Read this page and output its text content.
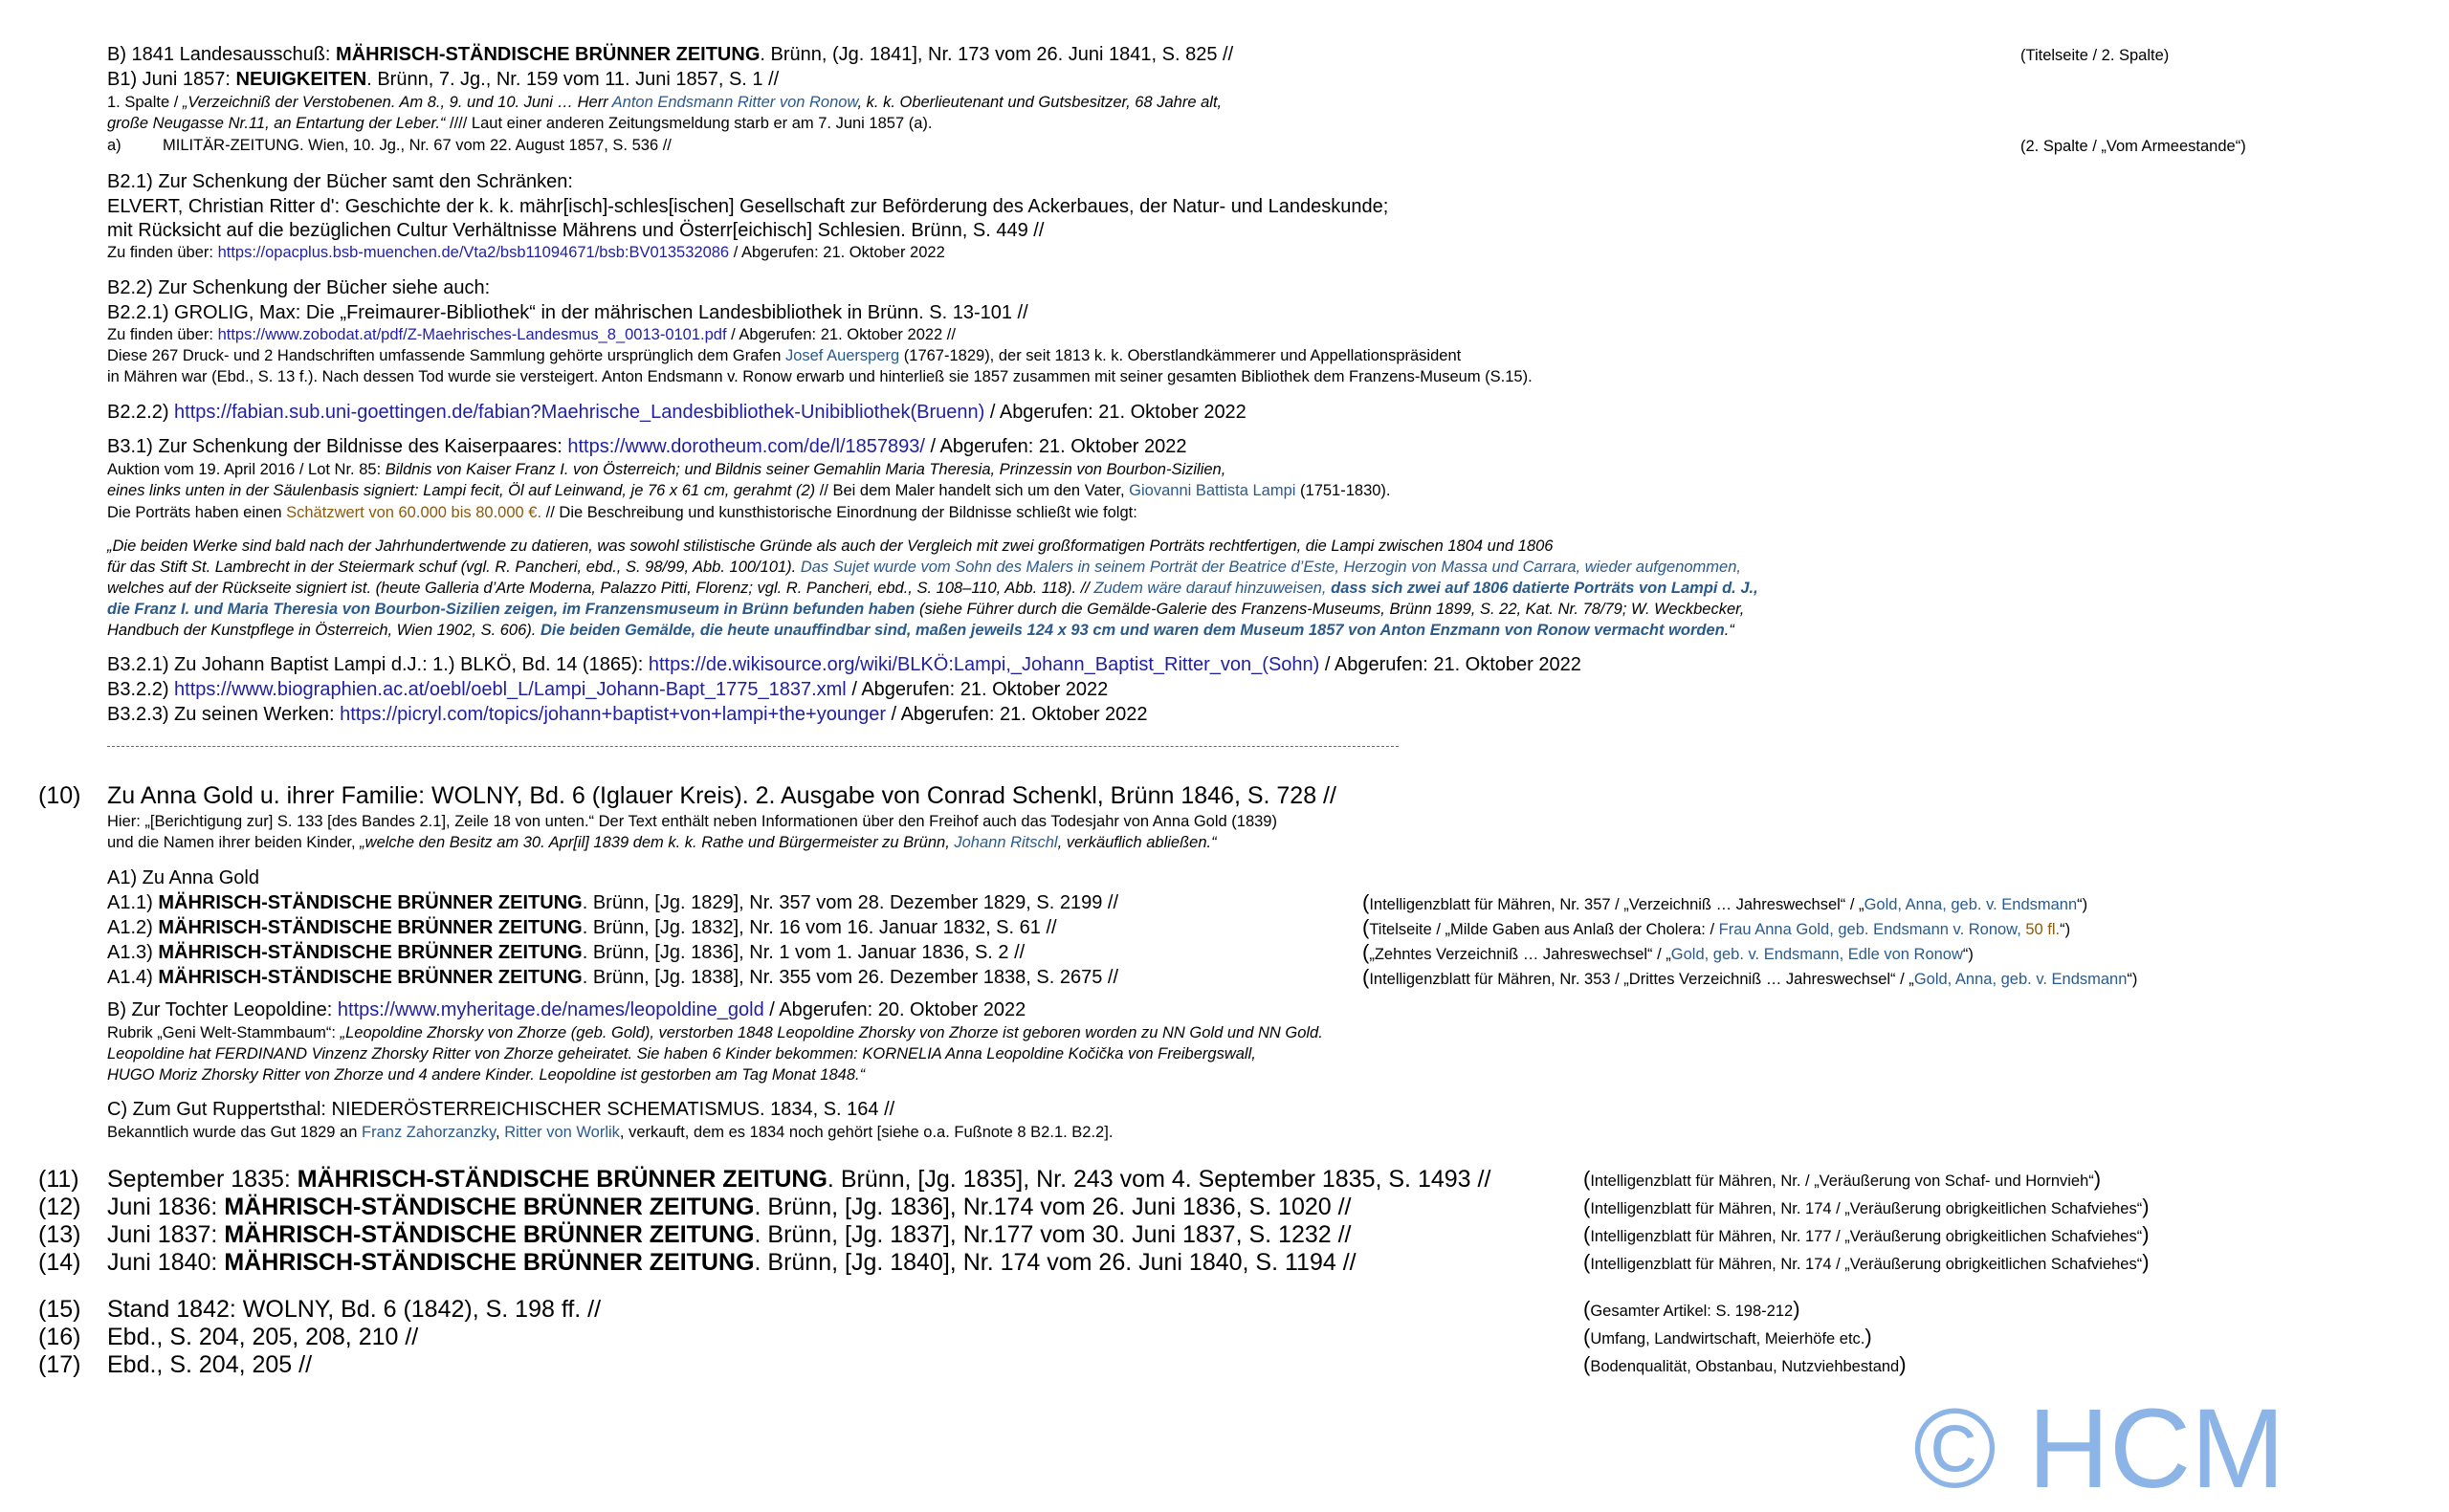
B) 1841 Landesausschuß: MÄHRISCH-STÄNDISCHE BRÜNNER ZEITUNG. Brünn, (Jg. 1841], Nr. 173 vom 26. Juni 1841, S. 825 //	(Titelseite / 2. Spalte)
B1) Juni 1857: NEUIGKEITEN. Brünn, 7. Jg., Nr. 159 vom 11. Juni 1857, S. 1 //
1. Spalte / „Verzeichniß der Verstobenen. Am 8., 9. und 10. Juni … Herr Anton Endsmann Ritter von Ronow, k. k. Oberlieutenant und Gutsbesitzer, 68 Jahre alt,
große Neugasse Nr.11, an Entartung der Leber.“ //// Laut einer anderen Zeitungsmeldung starb er am 7. Juni 1857 (a).
a)	MILITÄR-ZEITUNG. Wien, 10. Jg., Nr. 67 vom 22. August 1857, S. 536 //	(2. Spalte / „Vom Armeestande“)
B2.1) Zur Schenkung der Bücher samt den Schränken:
ELVERT, Christian Ritter d': Geschichte der k. k. mähr[isch]-schles[ischen] Gesellschaft zur Beförderung des Ackerbaues, der Natur- und Landeskunde;
mit Rücksicht auf die bezüglichen Cultur Verhältnisse Mährens und Österr[eichisch] Schlesien. Brünn, S. 449 //
Zu finden über: https://opacplus.bsb-muenchen.de/Vta2/bsb11094671/bsb:BV013532086 / Abgerufen: 21. Oktober 2022
B2.2) Zur Schenkung der Bücher siehe auch:
B2.2.1) GROLIG, Max: Die „Freimaurer-Bibliothek“ in der mährischen Landesbibliothek in Brünn. S. 13-101 //
Zu finden über: https://www.zobodat.at/pdf/Z-Maehrisches-Landesmus_8_0013-0101.pdf / Abgerufen: 21. Oktober 2022 //
Diese 267 Druck- und 2 Handschriften umfassende Sammlung gehörte ursprünglich dem Grafen Josef Auersperg (1767-1829), der seit 1813 k. k. Oberstlandkämmerer und Appellationspräsident
in Mähren war (Ebd., S. 13 f.). Nach dessen Tod wurde sie versteigert. Anton Endsmann v. Ronow erwarb und hinterließ sie 1857 zusammen mit seiner gesamten Bibliothek dem Franzens-Museum (S.15).
B2.2.2) https://fabian.sub.uni-goettingen.de/fabian?Maehrische_Landesbibliothek-Unibibliothek(Bruenn) / Abgerufen: 21. Oktober 2022
B3.1) Zur Schenkung der Bildnisse des Kaiserpaares: https://www.dorotheum.com/de/l/1857893/ / Abgerufen: 21. Oktober 2022
Auktion vom 19. April 2016 / Lot Nr. 85: Bildnis von Kaiser Franz I. von Österreich; und Bildnis seiner Gemahlin Maria Theresia, Prinzessin von Bourbon-Sizilien,
eines links unten in der Säulenbasis signiert: Lampi fecit, Öl auf Leinwand, je 76 x 61 cm, gerahmt (2) // Bei dem Maler handelt sich um den Vater, Giovanni Battista Lampi (1751-1830).
Die Porträts haben einen Schätzwert von 60.000 bis 80.000 €. // Die Beschreibung und kunsthistorische Einordnung der Bildnisse schließt wie folgt:
„Die beiden Werke sind bald nach der Jahrhundertwende zu datieren, was sowohl stilistische Gründe als auch der Vergleich mit zwei großformatigen Porträts rechtfertigen, die Lampi zwischen 1804 und 1806
für das Stift St. Lambrecht in der Steiermark schuf (vgl. R. Pancheri, ebd., S. 98/99, Abb. 100/101). Das Sujet wurde vom Sohn des Malers in seinem Porträt der Beatrice d’Este, Herzogin von Massa und Carrara, wieder aufgenommen,
welches auf der Rückseite signiert ist. (heute Galleria d’Arte Moderna, Palazzo Pitti, Florenz; vgl. R. Pancheri, ebd., S. 108–110, Abb. 118). // Zudem wäre darauf hinzuweisen, dass sich zwei auf 1806 datierte Porträts von Lampi d. J.,
die Franz I. und Maria Theresia von Bourbon-Sizilien zeigen, im Franzensmuseum in Brünn befunden haben (siehe Führer durch die Gemälde-Galerie des Franzens-Museums, Brünn 1899, S. 22, Kat. Nr. 78/79; W. Weckbecker,
Handbuch der Kunstpflege in Österreich, Wien 1902, S. 606). Die beiden Gemälde, die heute unauffindbar sind, maßen jeweils 124 x 93 cm und waren dem Museum 1857 von Anton Enzmann von Ronow vermacht worden.“
B3.2.1) Zu Johann Baptist Lampi d.J.: 1.) BLKÖ, Bd. 14 (1865): https://de.wikisource.org/wiki/BLKÖ:Lampi,_Johann_Baptist_Ritter_von_(Sohn) / Abgerufen: 21. Oktober 2022
B3.2.2) https://www.biographien.ac.at/oebl/oebl_L/Lampi_Johann-Bapt_1775_1837.xml / Abgerufen: 21. Oktober 2022
B3.2.3) Zu seinen Werken: https://picryl.com/topics/johann+baptist+von+lampi+the+younger / Abgerufen: 21. Oktober 2022
(10) Zu Anna Gold u. ihrer Familie: WOLNY, Bd. 6 (Iglauer Kreis). 2. Ausgabe von Conrad Schenkl, Brünn 1846, S. 728 //
Hier: „[Berichtigung zur] S. 133 [des Bandes 2.1], Zeile 18 von unten.“ Der Text enthält neben Informationen über den Freihof auch das Todesjahr von Anna Gold (1839)
und die Namen ihrer beiden Kinder, „welche den Besitz am 30. Apr[il] 1839 dem k. k. Rathe und Bürgermeister zu Brünn, Johann Ritschl, verkäuflich abließen.“
A1) Zu Anna Gold
A1.1) MÄHRISCH-STÄNDISCHE BRÜNNER ZEITUNG. Brünn, [Jg. 1829], Nr. 357 vom 28. Dezember 1829, S. 2199 //	(Intelligenzblatt für Mähren, Nr. 357 / „Verzeichniß … Jahreswechsel“ / „Gold, Anna, geb. v. Endsmann“)
A1.2) MÄHRISCH-STÄNDISCHE BRÜNNER ZEITUNG. Brünn, [Jg. 1832], Nr. 16 vom 16. Januar 1832, S. 61 //	(Titelseite / „Milde Gaben aus Anlaß der Cholera: / Frau Anna Gold, geb. Endsmann v. Ronow, 50 fl.“)
A1.3) MÄHRISCH-STÄNDISCHE BRÜNNER ZEITUNG. Brünn, [Jg. 1836], Nr. 1 vom 1. Januar 1836, S. 2 //	(„Zehntes Verzeichniß … Jahreswechsel“ / „Gold, geb. v. Endsmann, Edle von Ronow“)
A1.4) MÄHRISCH-STÄNDISCHE BRÜNNER ZEITUNG. Brünn, [Jg. 1838], Nr. 355 vom 26. Dezember 1838, S. 2675 //	(Intelligenzblatt für Mähren, Nr. 353 / „Drittes Verzeichniß … Jahreswechsel“ / „Gold, Anna, geb. v. Endsmann“)
B) Zur Tochter Leopoldine: https://www.myheritage.de/names/leopoldine_gold / Abgerufen: 20. Oktober 2022
Rubrik „Geni Welt-Stammbaum“: „Leopoldine Zhorsky von Zhorze (geb. Gold), verstorben 1848 Leopoldine Zhorsky von Zhorze ist geboren worden zu NN Gold und NN Gold.
Leopoldine hat FERDINAND Vinzenz Zhorsky Ritter von Zhorze geheiratet. Sie haben 6 Kinder bekommen: KORNELIA Anna Leopoldine Kočička von Freibergswall,
HUGO Moriz Zhorsky Ritter von Zhorze und 4 andere Kinder. Leopoldine ist gestorben am Tag Monat 1848.“
C) Zum Gut Ruppertsthal: NIEDERÖSTERREICHISCHER SCHEMATISMUS. 1834, S. 164 //
Bekanntlich wurde das Gut 1829 an Franz Zahorzanzky, Ritter von Worlik, verkauft, dem es 1834 noch gehört [siehe o.a. Fußnote 8 B2.1. B2.2].
(11) September 1835: MÄHRISCH-STÄNDISCHE BRÜNNER ZEITUNG. Brünn, [Jg. 1835], Nr. 243 vom 4. September 1835, S. 1493 //	(Intelligenzblatt für Mähren, Nr. / „Veräußerung von Schaf- und Hornvieh“)
(12) Juni 1836: MÄHRISCH-STÄNDISCHE BRÜNNER ZEITUNG. Brünn, [Jg. 1836], Nr.174 vom 26. Juni 1836, S. 1020 //	(Intelligenzblatt für Mähren, Nr. 174 / „Veräußerung obrigkeitlichen Schafviehes“)
(13) Juni 1837: MÄHRISCH-STÄNDISCHE BRÜNNER ZEITUNG. Brünn, [Jg. 1837], Nr.177 vom 30. Juni 1837, S. 1232 //	(Intelligenzblatt für Mähren, Nr. 177 / „Veräußerung obrigkeitlichen Schafviehes“)
(14) Juni 1840: MÄHRISCH-STÄNDISCHE BRÜNNER ZEITUNG. Brünn, [Jg. 1840], Nr. 174 vom 26. Juni 1840, S. 1194 //	(Intelligenzblatt für Mähren, Nr. 174 / „Veräußerung obrigkeitlichen Schafviehes“)
(15) Stand 1842: WOLNY, Bd. 6 (1842), S. 198 ff. //	(Gesamter Artikel: S. 198-212)
(16) Ebd., S. 204, 205, 208, 210 //	(Umfang, Landwirtschaft, Meierhöfe etc.)
(17) Ebd., S. 204, 205 //	(Bodenqualität, Obstanbau, Nutzviehbestand)
© HCM
